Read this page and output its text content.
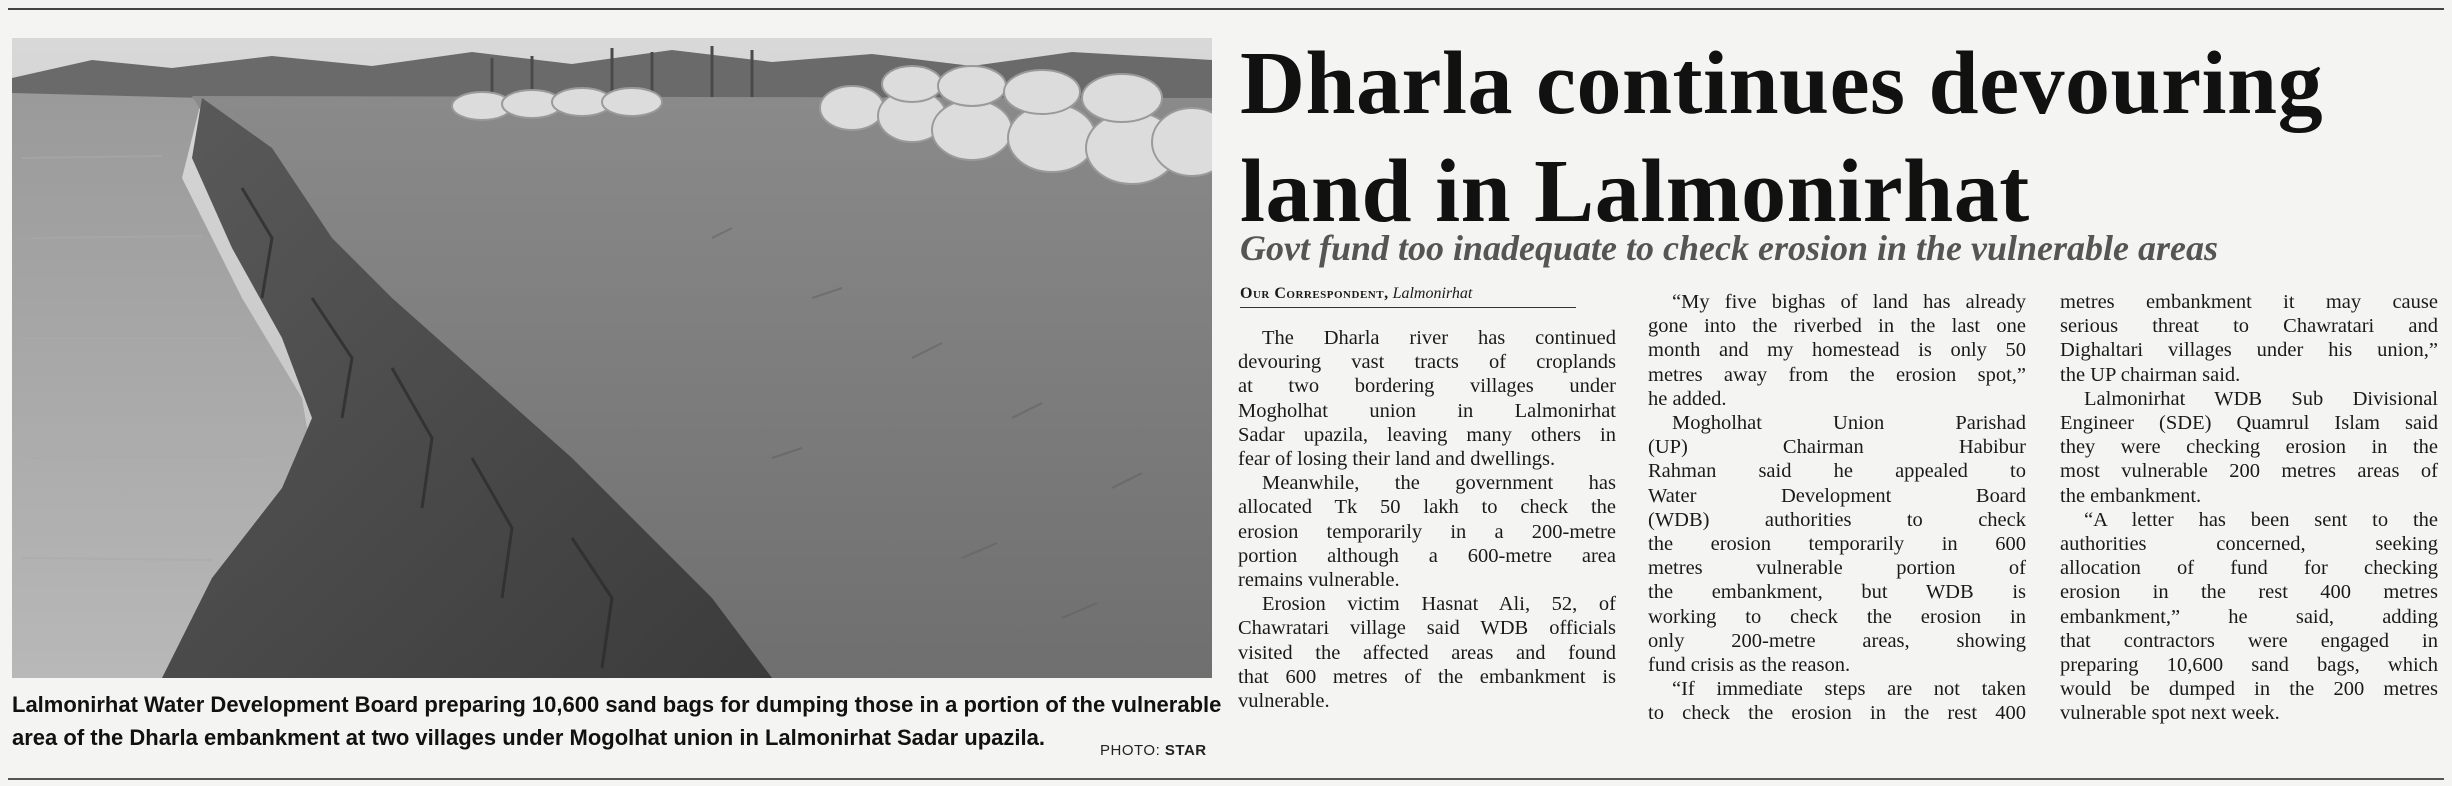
Lalmonirhat Water Development Board preparing 10,600 sand bags for dumping those in a portion of the vulnerable
area of the Dharla embankment at two villages under Mogolhat union in Lalmonirhat Sadar upazila.
PHOTO: STAR
Dharla continues devouring
land in Lalmonirhat
Govt fund too inadequate to check erosion in the vulnerable areas
Our Correspondent, Lalmonirhat
The Dharla river has continued
devouring vast tracts of croplands
at two bordering villages under
Mogholhat union in Lalmonirhat
Sadar upazila, leaving many others in
fear of losing their land and dwellings.
Meanwhile, the government has
allocated Tk 50 lakh to check the
erosion temporarily in a 200-metre
portion although a 600-metre area
remains vulnerable.
Erosion victim Hasnat Ali, 52, of
Chawratari village said WDB officials
visited the affected areas and found
that 600 metres of the embankment is
vulnerable.
“My five bighas of land has already
gone into the riverbed in the last one
month and my homestead is only 50
metres away from the erosion spot,”
he added.
Mogholhat Union Parishad
(UP) Chairman Habibur
Rahman said he appealed to
Water Development Board
(WDB) authorities to check
the erosion temporarily in 600
metres vulnerable portion of
the embankment, but WDB is
working to check the erosion in
only 200-metre areas, showing
fund crisis as the reason.
“If immediate steps are not taken
to check the erosion in the rest 400
metres embankment it may cause
serious threat to Chawratari and
Dighaltari villages under his union,”
the UP chairman said.
Lalmonirhat WDB Sub Divisional
Engineer (SDE) Quamrul Islam said
they were checking erosion in the
most vulnerable 200 metres areas of
the embankment.
“A letter has been sent to the
authorities concerned, seeking
allocation of fund for checking
erosion in the rest 400 metres
embankment,” he said, adding
that contractors were engaged in
preparing 10,600 sand bags, which
would be dumped in the 200 metres
vulnerable spot next week.
